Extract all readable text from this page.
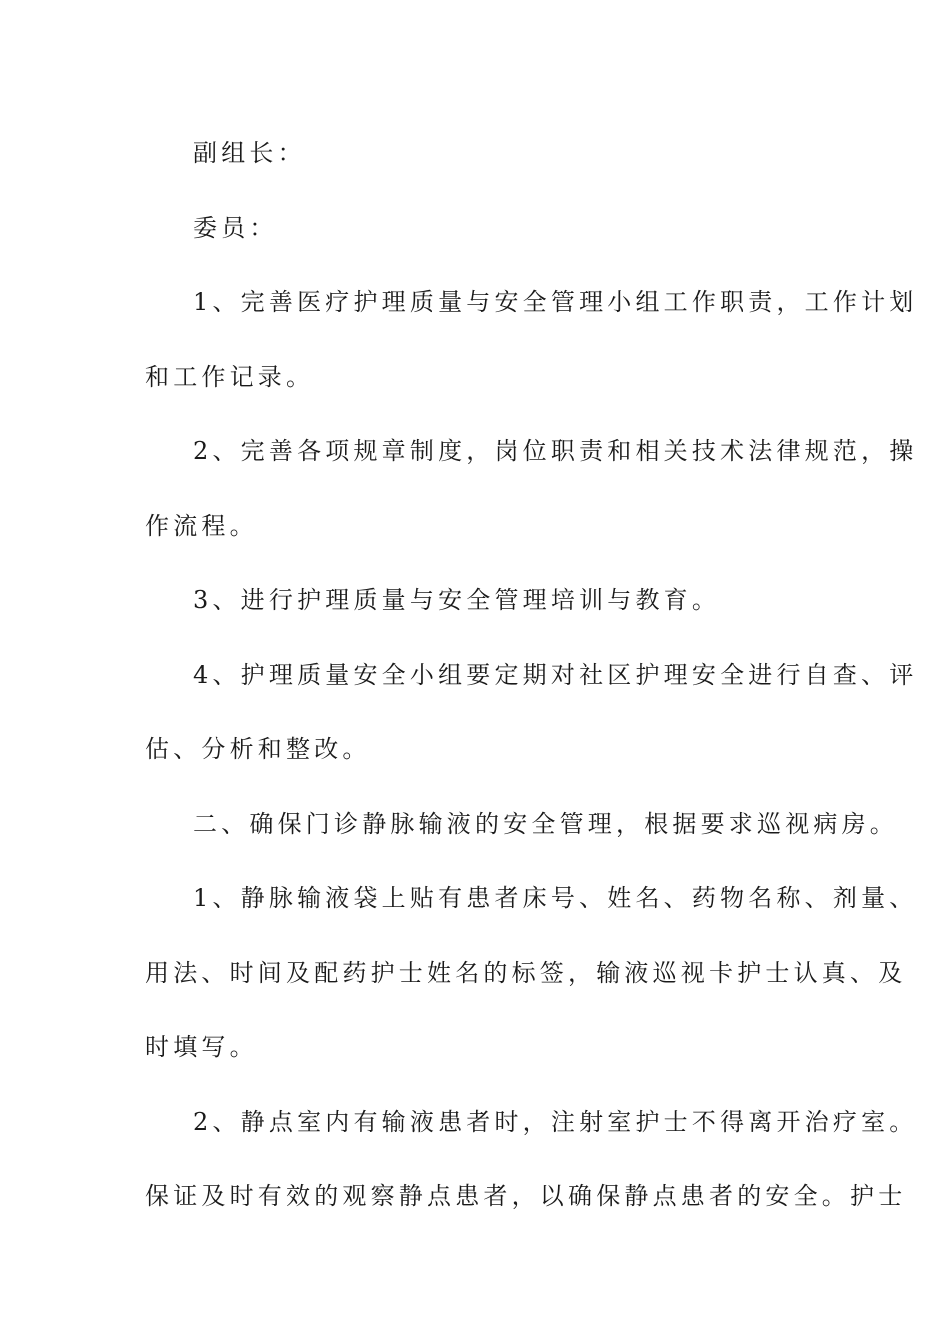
副组长：
委员：
1、完善医疗护理质量与安全管理小组工作职责，工作计划
和工作记录。
2、完善各项规章制度，岗位职责和相关技术法律规范，操
作流程。
3、进行护理质量与安全管理培训与教育。
4、护理质量安全小组要定期对社区护理安全进行自查、评
估、分析和整改。
二、确保门诊静脉输液的安全管理，根据要求巡视病房。
1、静脉输液袋上贴有患者床号、姓名、药物名称、剂量、
用法、时间及配药护士姓名的标签，输液巡视卡护士认真、及
时填写。
2、静点室内有输液患者时，注射室护士不得离开治疗室。
保证及时有效的观察静点患者，以确保静点患者的安全。护士
